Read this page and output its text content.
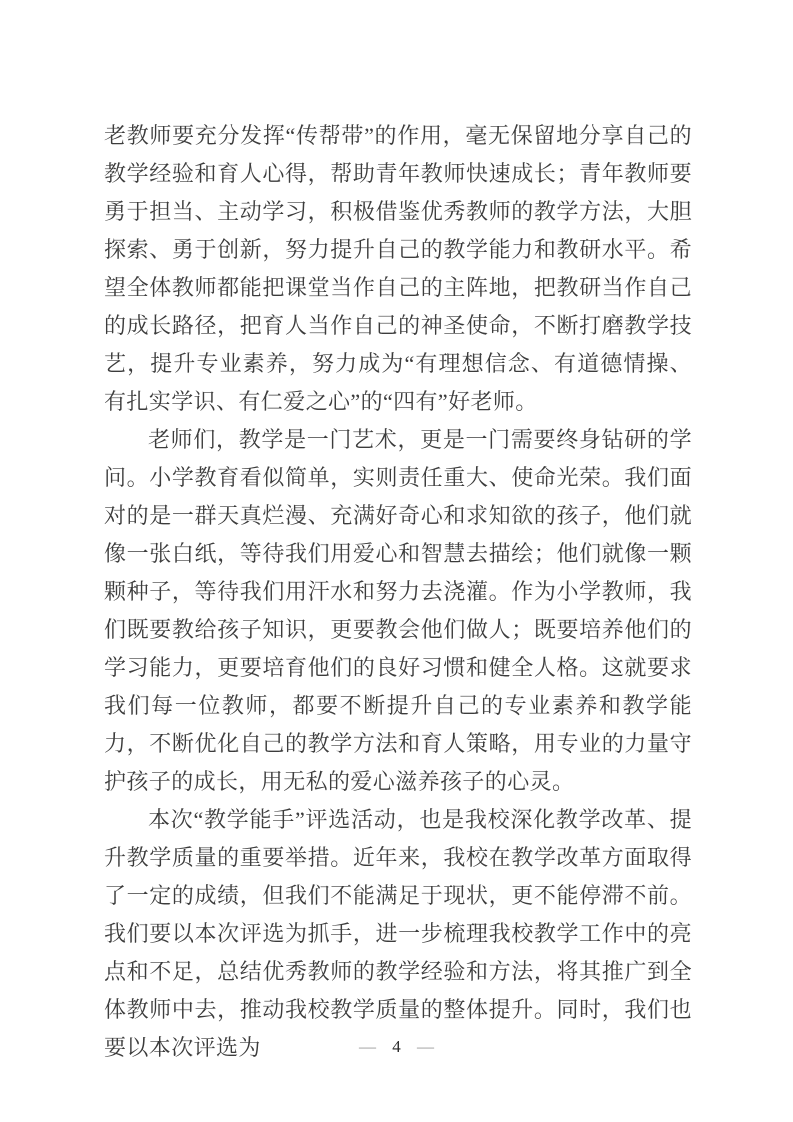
老教师要充分发挥“传帮带”的作用，毫无保留地分享自己的教学经验和育人心得，帮助青年教师快速成长；青年教师要勇于担当、主动学习，积极借鉴优秀教师的教学方法，大胆探索、勇于创新，努力提升自己的教学能力和教研水平。希望全体教师都能把课堂当作自己的主阵地，把教研当作自己的成长路径，把育人当作自己的神圣使命，不断打磨教学技艺，提升专业素养，努力成为“有理想信念、有道德情操、有扎实学识、有仁爱之心”的“四有”好老师。

老师们，教学是一门艺术，更是一门需要终身钻研的学问。小学教育看似简单，实则责任重大、使命光荣。我们面对的是一群天真烂漫、充满好奇心和求知欲的孩子，他们就像一张白纸，等待我们用爱心和智慧去描绘；他们就像一颗颗种子，等待我们用汗水和努力去浇灌。作为小学教师，我们既要教给孩子知识，更要教会他们做人；既要培养他们的学习能力，更要培育他们的良好习惯和健全人格。这就要求我们每一位教师，都要不断提升自己的专业素养和教学能力，不断优化自己的教学方法和育人策略，用专业的力量守护孩子的成长，用无私的爱心滋养孩子的心灵。

本次“教学能手”评选活动，也是我校深化教学改革、提升教学质量的重要举措。近年来，我校在教学改革方面取得了一定的成绩，但我们不能满足于现状，更不能停滞不前。我们要以本次评选为抓手，进一步梳理我校教学工作中的亮点和不足，总结优秀教师的教学经验和方法，将其推广到全体教师中去，推动我校教学质量的整体提升。同时，我们也要以本次评选为	— 4 —
